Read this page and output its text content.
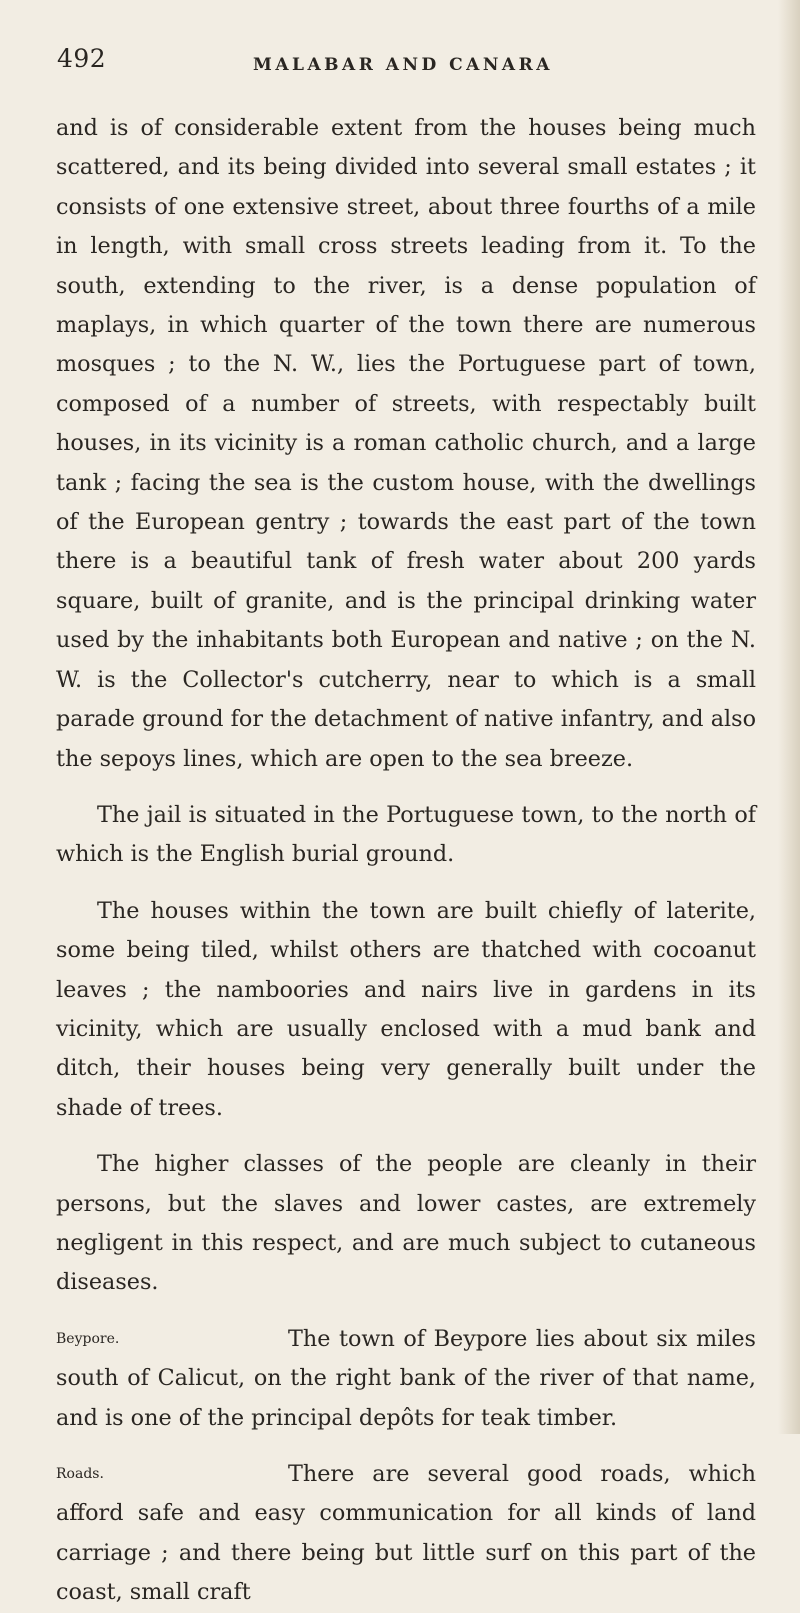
492	MALABAR AND CANARA

and is of considerable extent from the houses being much scattered, and its being divided into several small estates ; it consists of one extensive street, about three fourths of a mile in length, with small cross streets leading from it. To the south, extending to the river, is a dense population of maplays, in which quarter of the town there are numerous mosques ; to the N. W., lies the Portuguese part of town, composed of a number of streets, with respectably built houses, in its vicinity is a roman catholic church, and a large tank ; facing the sea is the custom house, with the dwellings of the European gentry ; towards the east part of the town there is a beautiful tank of fresh water about 200 yards square, built of granite, and is the principal drinking water used by the inhabitants both European and native ; on the N. W. is the Collector's cutcherry, near to which is a small parade ground for the detachment of native infantry, and also the sepoys lines, which are open to the sea breeze.

The jail is situated in the Portuguese town, to the north of which is the English burial ground.

The houses within the town are built chiefly of laterite, some being tiled, whilst others are thatched with cocoanut leaves ; the namboories and nairs live in gardens in its vicinity, which are usually enclosed with a mud bank and ditch, their houses being very generally built under the shade of trees.

The higher classes of the people are cleanly in their persons, but the slaves and lower castes, are extremely negligent in this respect, and are much subject to cutaneous diseases.

Beypore.	The town of Beypore lies about six miles south of Calicut, on the right bank of the river of that name, and is one of the principal depôts for teak timber.

Roads.	There are several good roads, which afford safe and easy communication for all kinds of land carriage ; and there being but little surf on this part of the coast, small craft
